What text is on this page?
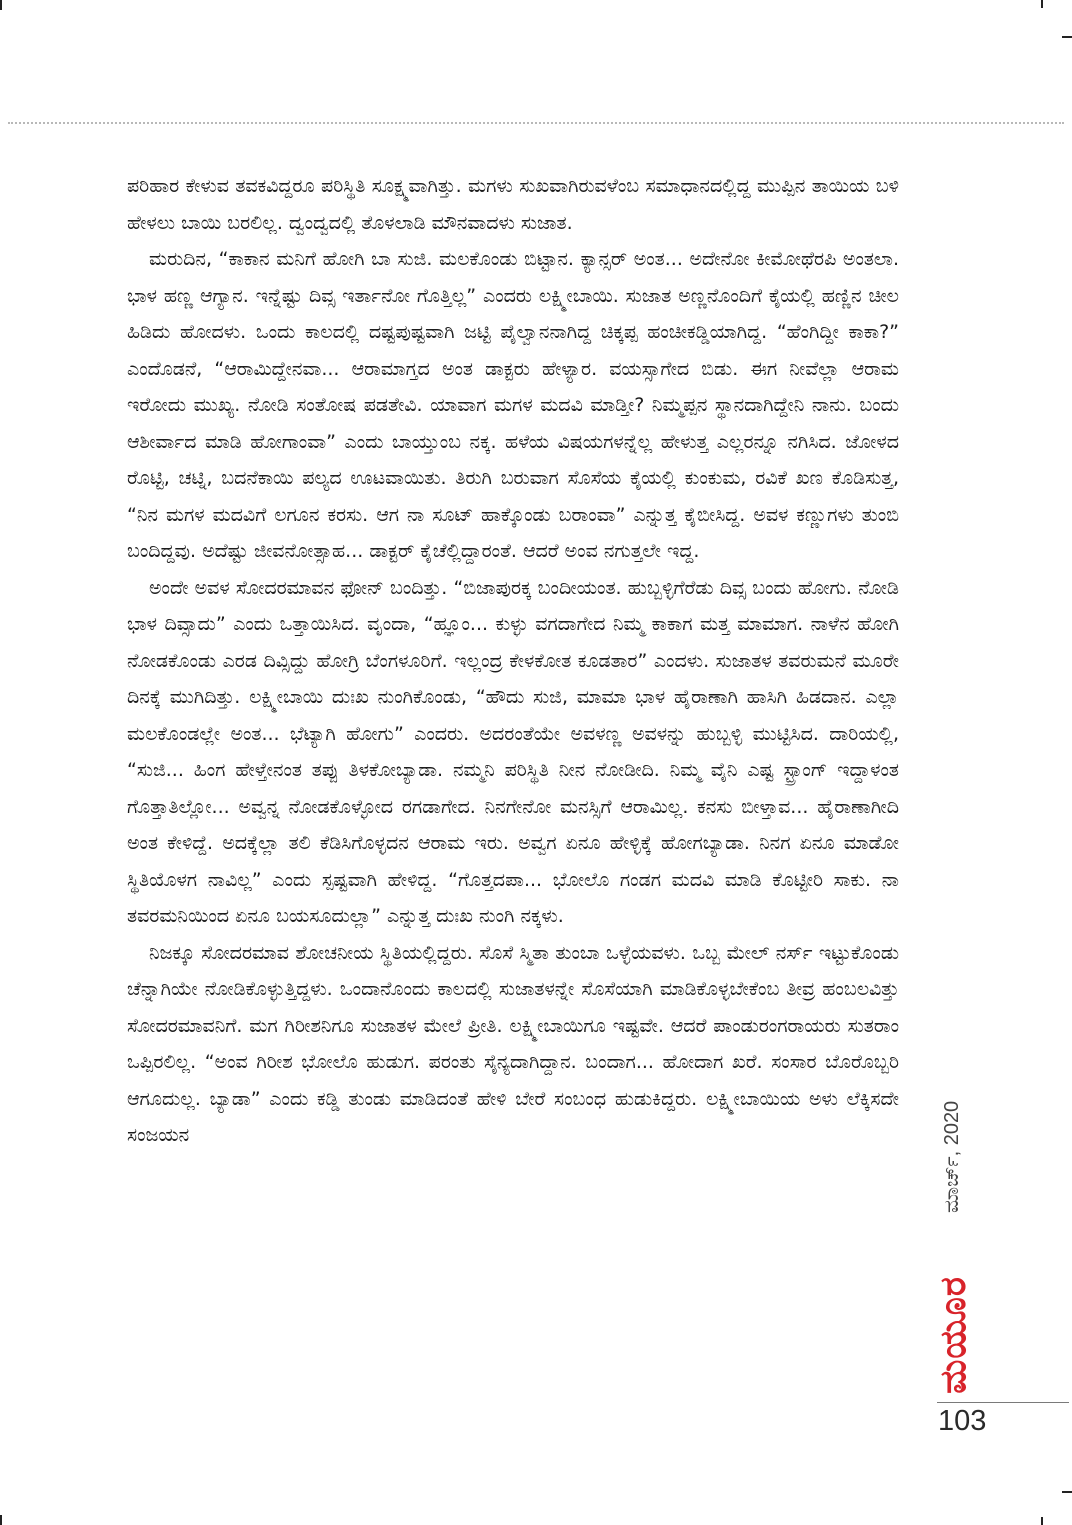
ಪರಿಹಾರ ಕೇಳುವ ತವಕವಿದ್ದರೂ ಪರಿಸ್ಥಿತಿ ಸೂಕ್ಷ್ಮವಾಗಿತ್ತು. ಮಗಳು ಸುಖವಾಗಿರುವಳೆಂಬ ಸಮಾಧಾನದಲ್ಲಿದ್ದ ಮುಪ್ಪಿನ ತಾಯಿಯ ಬಳಿ ಹೇಳಲು ಬಾಯಿ ಬರಲಿಲ್ಲ. ದ್ವಂದ್ವದಲ್ಲಿ ತೊಳಲಾಡಿ ಮೌನವಾದಳು ಸುಜಾತ.

ಮರುದಿನ, “ಕಾಕಾನ ಮನಿಗೆ ಹೋಗಿ ಬಾ ಸುಜಿ. ಮಲಕೊಂಡು ಬಿಟ್ಟಾನ. ಕ್ಯಾನ್ಸರ್ ಅಂತ... ಅದೇನೋ ಕೀಮೋಥೆರಪಿ ಅಂತಲಾ. ಭಾಳ ಹಣ್ಣ ಆಗ್ಯಾನ. ಇನ್ನೆಷ್ಟು ದಿವ್ಸ ಇರ್ತಾನೋ ಗೊತ್ತಿಲ್ಲ” ಎಂದರು ಲಕ್ಷ್ಮೀಬಾಯಿ. ಸುಜಾತ ಅಣ್ಣನೊಂದಿಗೆ ಕೈಯಲ್ಲಿ ಹಣ್ಣಿನ ಚೀಲ ಹಿಡಿದು ಹೋದಳು. ಒಂದು ಕಾಲದಲ್ಲಿ ದಷ್ಟಪುಷ್ಟವಾಗಿ ಜಟ್ಟಿ ಪೈಲ್ವಾನನಾಗಿದ್ದ ಚಿಕ್ಕಪ್ಪ ಹಂಚೀಕಡ್ಡಿಯಾಗಿದ್ದ. “ಹೆಂಗಿದ್ದೀ ಕಾಕಾ?” ಎಂದೊಡನೆ, “ಆರಾಮಿದ್ದೇನವಾ... ಆರಾಮಾಗ್ತದ ಅಂತ ಡಾಕ್ಟರು ಹೇಳ್ಯಾರ. ವಯಸ್ಸಾಗೇದ ಬಿಡು. ಈಗ ನೀವೆಲ್ಲಾ ಆರಾಮ ಇರೋದು ಮುಖ್ಯ. ನೋಡಿ ಸಂತೋಷ ಪಡತೇವಿ. ಯಾವಾಗ ಮಗಳ ಮದವಿ ಮಾಡ್ತೀ? ನಿಮ್ಮಪ್ಪನ ಸ್ಥಾನದಾಗಿದ್ದೇನಿ ನಾನು. ಬಂದು ಆಶೀರ್ವಾದ ಮಾಡಿ ಹೋಗಾಂವಾ” ಎಂದು ಬಾಯ್ತುಂಬ ನಕ್ಕ. ಹಳೆಯ ವಿಷಯಗಳನ್ನೆಲ್ಲ ಹೇಳುತ್ತ ಎಲ್ಲರನ್ನೂ ನಗಿಸಿದ. ಜೋಳದ ರೊಟ್ಟಿ, ಚಟ್ನಿ, ಬದನೆಕಾಯಿ ಪಲ್ಯದ ಊಟವಾಯಿತು. ತಿರುಗಿ ಬರುವಾಗ ಸೊಸೆಯ ಕೈಯಲ್ಲಿ ಕುಂಕುಮ, ರವಿಕೆ ಖಣ ಕೊಡಿಸುತ್ತ, “ನಿನ ಮಗಳ ಮದವಿಗೆ ಲಗೂನ ಕರಸು. ಆಗ ನಾ ಸೂಟ್ ಹಾಕ್ಕೊಂಡು ಬರಾಂವಾ” ಎನ್ನುತ್ತ ಕೈಬೀಸಿದ್ದ. ಅವಳ ಕಣ್ಣುಗಳು ತುಂಬಿ ಬಂದಿದ್ದವು. ಅದೆಷ್ಟು ಜೀವನೋತ್ಸಾಹ... ಡಾಕ್ಟರ್ ಕೈಚೆಲ್ಲಿದ್ದಾರಂತೆ. ಆದರೆ ಅಂವ ನಗುತ್ತಲೇ ಇದ್ದ.

ಅಂದೇ ಅವಳ ಸೋದರಮಾವನ ಫೋನ್ ಬಂದಿತ್ತು. “ಬಿಜಾಪುರಕ್ಕ ಬಂದೀಯಂತ. ಹುಬ್ಬಳ್ಳಿಗೆರೆಡು ದಿವ್ಸ ಬಂದು ಹೋಗು. ನೋಡಿ ಭಾಳ ದಿವ್ಸಾದು” ಎಂದು ಒತ್ತಾಯಿಸಿದ. ವೃಂದಾ, “ಹ್ಞೂಂ... ಕುಳ್ಳು ವಗದಾಗೇದ ನಿಮ್ಮ ಕಾಕಾಗ ಮತ್ತ ಮಾಮಾಗ. ನಾಳೆನ ಹೋಗಿ ನೋಡಕೊಂಡು ಎರಡ ದಿವ್ಸಿದ್ದು ಹೋಗ್ರಿ ಬೆಂಗಳೂರಿಗೆ. ಇಲ್ಲಂದ್ರ ಕೇಳಕೋತ ಕೂಡತಾರ” ಎಂದಳು. ಸುಜಾತಳ ತವರುಮನೆ ಮೂರೇ ದಿನಕ್ಕೆ ಮುಗಿದಿತ್ತು. ಲಕ್ಷ್ಮೀಬಾಯಿ ದುಃಖ ನುಂಗಿಕೊಂಡು, “ಹೌದು ಸುಜಿ, ಮಾಮಾ ಭಾಳ ಹೈರಾಣಾಗಿ ಹಾಸಿಗಿ ಹಿಡದಾನ. ಎಲ್ಲಾ ಮಲಕೊಂಡಲ್ಲೇ ಅಂತ... ಭೆಟ್ಯಾಗಿ ಹೋಗು” ಎಂದರು. ಅದರಂತೆಯೇ ಅವಳಣ್ಣ ಅವಳನ್ನು ಹುಬ್ಬಳ್ಳಿ ಮುಟ್ಟಿಸಿದ. ದಾರಿಯಲ್ಲಿ, “ಸುಜಿ... ಹಿಂಗ ಹೇಳ್ತೇನಂತ ತಪ್ಪು ತಿಳಕೋಬ್ಯಾಡಾ. ನಮ್ಮನಿ ಪರಿಸ್ಥಿತಿ ನೀನ ನೋಡೀದಿ. ನಿಮ್ಮ ವೈನಿ ಎಷ್ಟ ಸ್ಟ್ರಾಂಗ್ ಇದ್ದಾಳಂತ ಗೊತ್ತಾತಿಲ್ಲೋ... ಅವ್ವನ್ನ ನೋಡಕೊಳ್ಳೋದ ರಗಡಾಗೇದ. ನಿನಗೇನೋ ಮನಸ್ಸಿಗೆ ಆರಾಮಿಲ್ಲ. ಕನಸು ಬೀಳ್ತಾವ... ಹೈರಾಣಾಗೀದಿ ಅಂತ ಕೇಳಿದ್ದೆ. ಅದಕ್ಕೆಲ್ಲಾ ತಲಿ ಕೆಡಿಸಿಗೊಳ್ಳದನ ಆರಾಮ ಇರು. ಅವ್ವಗ ಏನೂ ಹೇಳ್ಳಿಕ್ಕೆ ಹೋಗಬ್ಯಾಡಾ. ನಿನಗ ಏನೂ ಮಾಡೋ ಸ್ಥಿತಿಯೊಳಗ ನಾವಿಲ್ಲ” ಎಂದು ಸ್ಪಷ್ಟವಾಗಿ ಹೇಳಿದ್ದ. “ಗೊತ್ತದಪಾ... ಭೋಲೊ ಗಂಡಗ ಮದವಿ ಮಾಡಿ ಕೊಟ್ಟೀರಿ ಸಾಕು. ನಾ ತವರಮನಿಯಿಂದ ಏನೂ ಬಯಸೂದುಲ್ಲಾ” ಎನ್ನುತ್ತ ದುಃಖ ನುಂಗಿ ನಕ್ಕಳು.

ನಿಜಕ್ಕೂ ಸೋದರಮಾವ ಶೋಚನೀಯ ಸ್ಥಿತಿಯಲ್ಲಿದ್ದರು. ಸೊಸೆ ಸ್ಮಿತಾ ತುಂಬಾ ಒಳ್ಳೆಯವಳು. ಒಬ್ಬ ಮೇಲ್ ನರ್ಸ್ ಇಟ್ಟುಕೊಂಡು ಚೆನ್ನಾಗಿಯೇ ನೋಡಿಕೊಳ್ಳುತ್ತಿದ್ದಳು. ಒಂದಾನೊಂದು ಕಾಲದಲ್ಲಿ ಸುಜಾತಳನ್ನೇ ಸೊಸೆಯಾಗಿ ಮಾಡಿಕೊಳ್ಳಬೇಕೆಂಬ ತೀವ್ರ ಹಂಬಲವಿತ್ತು ಸೋದರಮಾವನಿಗೆ. ಮಗ ಗಿರೀಶನಿಗೂ ಸುಜಾತಳ ಮೇಲೆ ಪ್ರೀತಿ. ಲಕ್ಷ್ಮೀಬಾಯಿಗೂ ಇಷ್ಟವೇ. ಆದರೆ ಪಾಂಡುರಂಗರಾಯರು ಸುತರಾಂ ಒಪ್ಪಿರಲಿಲ್ಲ. “ಅಂವ ಗಿರೀಶ ಭೋಲೊ ಹುಡುಗ. ಪರಂತು ಸೈನ್ಯದಾಗಿದ್ದಾನ. ಬಂದಾಗ... ಹೋದಾಗ ಖರೆ. ಸಂಸಾರ ಬೊರೊಬ್ಬರಿ ಆಗೂದುಲ್ಲ. ಬ್ಯಾಡಾ” ಎಂದು ಕಡ್ಡಿ ತುಂಡು ಮಾಡಿದಂತೆ ಹೇಳಿ ಬೇರೆ ಸಂಬಂಧ ಹುಡುಕಿದ್ದರು. ಲಕ್ಷ್ಮೀಬಾಯಿಯ ಅಳು ಲೆಕ್ಕಿಸದೇ ಸಂಜಯನ	ಮಾರ್ಚ್, 2020
ಮಯೂರ
103
